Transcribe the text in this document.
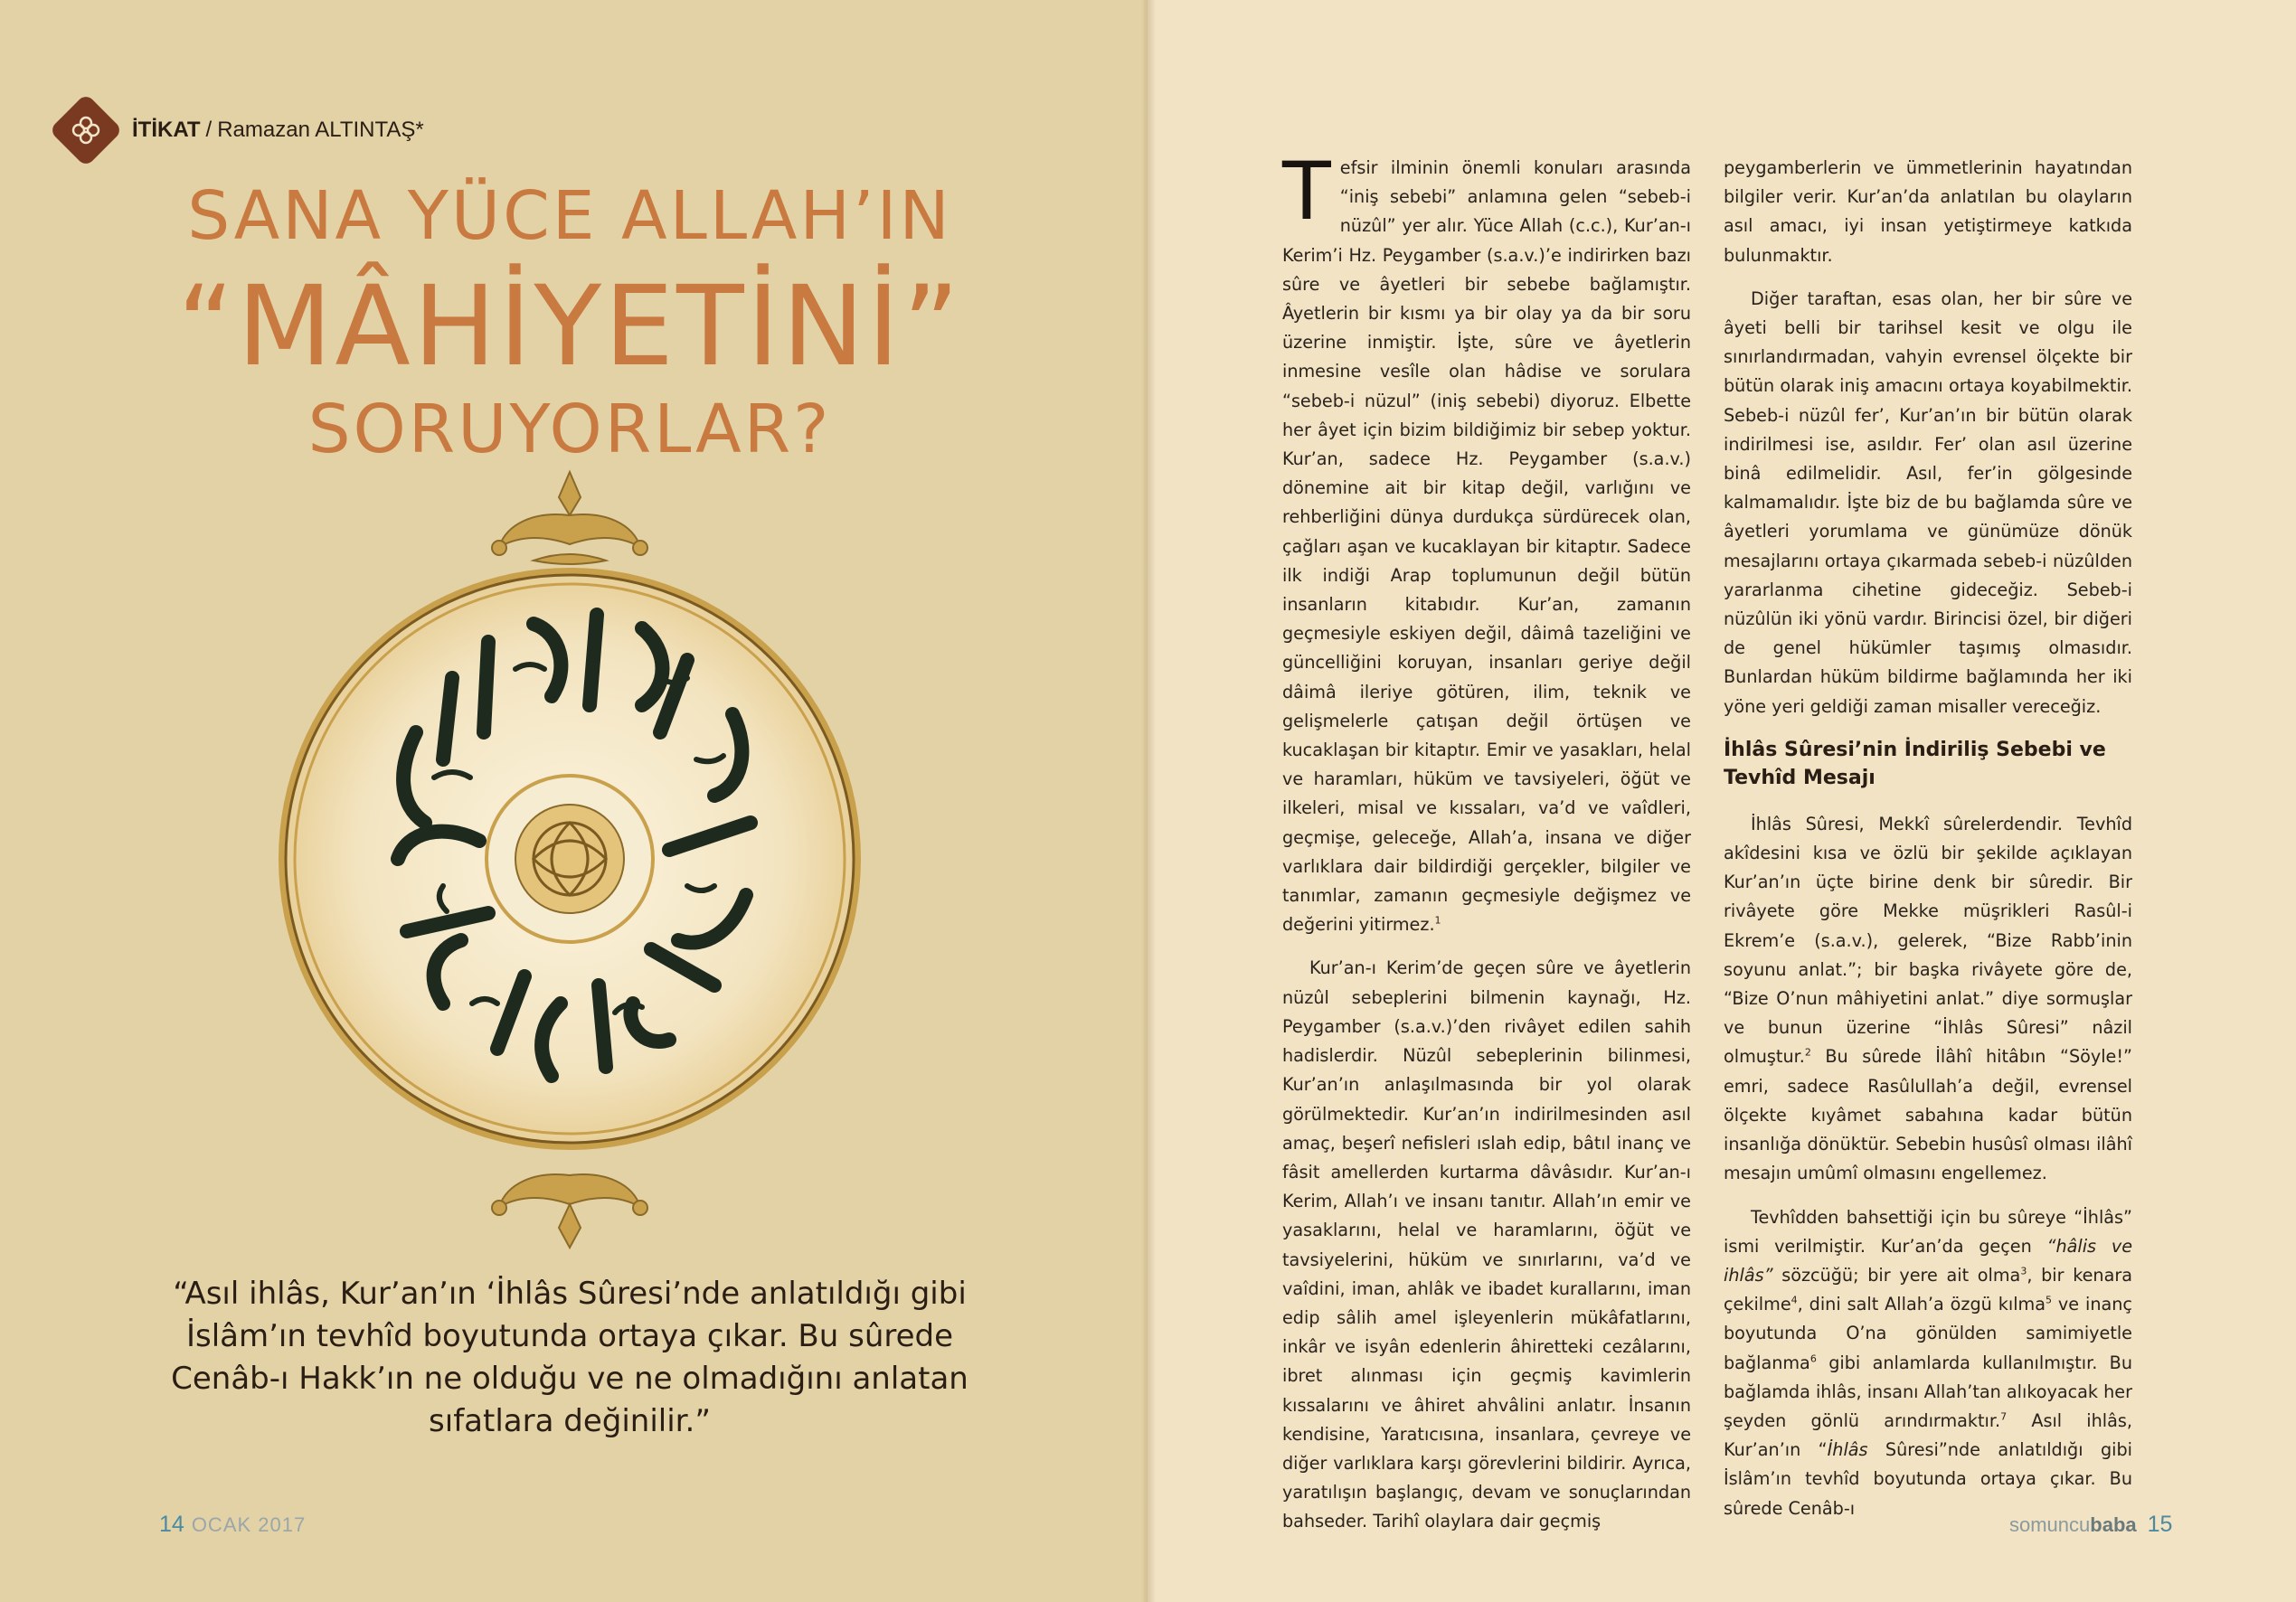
İTİKAT / Ramazan ALTINTAŞ*
SANA YÜCE ALLAH’IN
“MÂHİYETİNİ”
SORUYORLAR?
“Asıl ihlâs, Kur’an’ın ‘İhlâs Sûresi’nde anlatıldığı gibi İslâm’ın tevhîd boyutunda ortaya çıkar. Bu sûrede Cenâb-ı Hakk’ın ne olduğu ve ne olmadığını anlatan sıfatlara değinilir.”
14 OCAK 2017	somuncubaba 15

Tefsir ilminin önemli konuları arasında “iniş sebebi” anlamına gelen “sebeb-i nüzûl” yer alır. Yüce Allah (c.c.), Kur’an-ı Kerim’i Hz. Peygamber (s.a.v.)’e indirirken bazı sûre ve âyetleri bir sebebe bağlamıştır. Âyetlerin bir kısmı ya bir olay ya da bir soru üzerine inmiştir. İşte, sûre ve âyetlerin inmesine vesîle olan hâdise ve sorulara “sebeb-i nüzul” (iniş sebebi) diyoruz. Elbette her âyet için bizim bildiğimiz bir sebep yoktur. Kur’an, sadece Hz. Peygamber (s.a.v.) dönemine ait bir kitap değil, varlığını ve rehberliğini dünya durdukça sürdürecek olan, çağları aşan ve kucaklayan bir kitaptır. Sadece ilk indiği Arap toplumunun değil bütün insanların kitabıdır. Kur’an, zamanın geçmesiyle eskiyen değil, dâimâ tazeliğini ve güncelliğini koruyan, insanları geriye değil dâimâ ileriye götüren, ilim, teknik ve gelişmelerle çatışan değil örtüşen ve kucaklaşan bir kitaptır. Emir ve yasakları, helal ve haramları, hüküm ve tavsiyeleri, öğüt ve ilkeleri, misal ve kıssaları, va’d ve vaîdleri, geçmişe, geleceğe, Allah’a, insana ve diğer varlıklara dair bildirdiği gerçekler, bilgiler ve tanımlar, zamanın geçmesiyle değişmez ve değerini yitirmez.$^1$

Kur’an-ı Kerim’de geçen sûre ve âyetlerin nüzûl sebeplerini bilmenin kaynağı, Hz. Peygamber (s.a.v.)’den rivâyet edilen sahih hadislerdir. Nüzûl sebeplerinin bilinmesi, Kur’an’ın anlaşılmasında bir yol olarak görülmektedir. Kur’an’ın indirilmesinden asıl amaç, beşerî nefisleri ıslah edip, bâtıl inanç ve fâsit amellerden kurtarma dâvâsıdır. Kur’an-ı Kerim, Allah’ı ve insanı tanıtır. Allah’ın emir ve yasaklarını, helal ve haramlarını, öğüt ve tavsiyelerini, hüküm ve sınırlarını, va’d ve vaîdini, iman, ahlâk ve ibadet kurallarını, iman edip sâlih amel işleyenlerin mükâfatlarını, inkâr ve isyân edenlerin âhiretteki cezâlarını, ibret alınması için geçmiş kavimlerin kıssalarını ve âhiret ahvâlini anlatır. İnsanın kendisine, Yaratıcısına, insanlara, çevreye ve diğer varlıklara karşı görevlerini bildirir. Ayrıca, yaratılışın başlangıç, devam ve sonuçlarından bahseder. Tarihî olaylara dair geçmiş

peygamberlerin ve ümmetlerinin hayatından bilgiler verir. Kur’an’da anlatılan bu olayların asıl amacı, iyi insan yetiştirmeye katkıda bulunmaktır.

Diğer taraftan, esas olan, her bir sûre ve âyeti belli bir tarihsel kesit ve olgu ile sınırlandırmadan, vahyin evrensel ölçekte bir bütün olarak iniş amacını ortaya koyabilmektir. Sebeb-i nüzûl fer’, Kur’an’ın bir bütün olarak indirilmesi ise, asıldır. Fer’ olan asıl üzerine binâ edilmelidir. Asıl, fer’in gölgesinde kalmamalıdır. İşte biz de bu bağlamda sûre ve âyetleri yorumlama ve günümüze dönük mesajlarını ortaya çıkarmada sebeb-i nüzûlden yararlanma cihetine gideceğiz. Sebeb-i nüzûlün iki yönü vardır. Birincisi özel, bir diğeri de genel hükümler taşımış olmasıdır. Bunlardan hüküm bildirme bağlamında her iki yöne yeri geldiği zaman misaller vereceğiz.

İhlâs Sûresi’nin İndiriliş Sebebi ve Tevhîd Mesajı

İhlâs Sûresi, Mekkî sûrelerdendir. Tevhîd akîdesini kısa ve özlü bir şekilde açıklayan Kur’an’ın üçte birine denk bir sûredir. Bir rivâyete göre Mekke müşrikleri Rasûl-i Ekrem’e (s.a.v.), gelerek, “Bize Rabb’inin soyunu anlat.”; bir başka rivâyete göre de, “Bize O’nun mâhiyetini anlat.” diye sormuşlar ve bunun üzerine “İhlâs Sûresi” nâzil olmuştur.$^2$ Bu sûrede İlâhî hitâbın “Söyle!” emri, sadece Rasûlullah’a değil, evrensel ölçekte kıyâmet sabahına kadar bütün insanlığa dönüktür. Sebebin husûsî olması ilâhî mesajın umûmî olmasını engellemez.

Tevhîdden bahsettiği için bu sûreye “İhlâs” ismi verilmiştir. Kur’an’da geçen “hâlis ve ihlâs” sözcüğü; bir yere ait olma$^3$, bir kenara çekilme$^4$, dini salt Allah’a özgü kılma$^5$ ve inanç boyutunda O’na gönülden samimiyetle bağlanma$^6$ gibi anlamlarda kullanılmıştır. Bu bağlamda ihlâs, insanı Allah’tan alıkoyacak her şeyden gönlü arındırmaktır.$^7$ Asıl ihlâs, Kur’an’ın “İhlâs Sûresi”nde anlatıldığı gibi İslâm’ın tevhîd boyutunda ortaya çıkar. Bu sûrede Cenâb-ı
